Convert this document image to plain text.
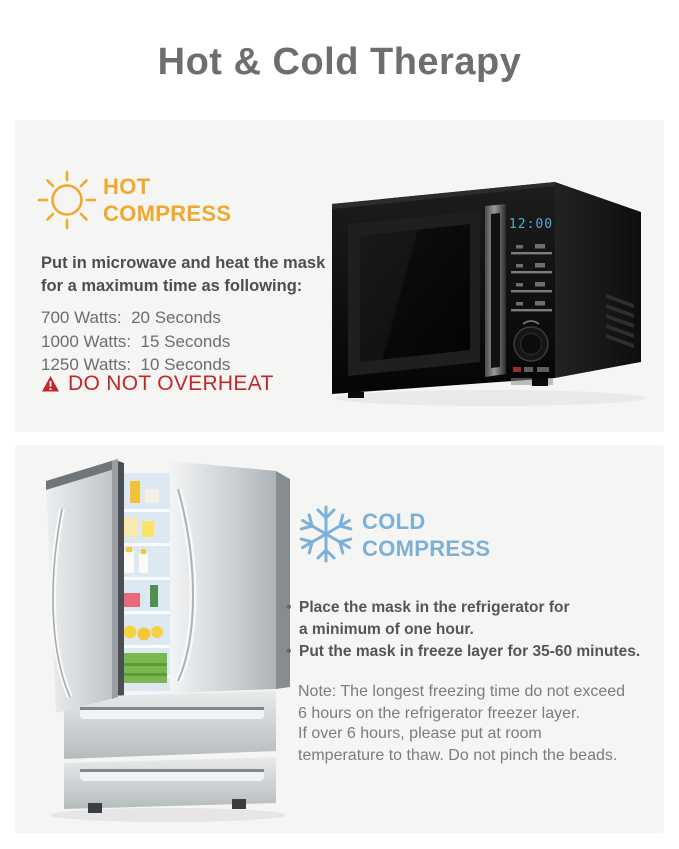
Hot & Cold Therapy
HOT
COMPRESS
Put in microwave and heat the mask
for a maximum time as following:
700 Watts:  20 Seconds
1000 Watts:  15 Seconds
1250 Watts:  10 Seconds
DO NOT OVERHEAT
12:00
COLD
COMPRESS
• Place the mask in the refrigerator for
a minimum of one hour.
• Put the mask in freeze layer for 35-60 minutes.
Note: The longest freezing time do not exceed
6 hours on the refrigerator freezer layer.
If over 6 hours, please put at room
temperature to thaw. Do not pinch the beads.
